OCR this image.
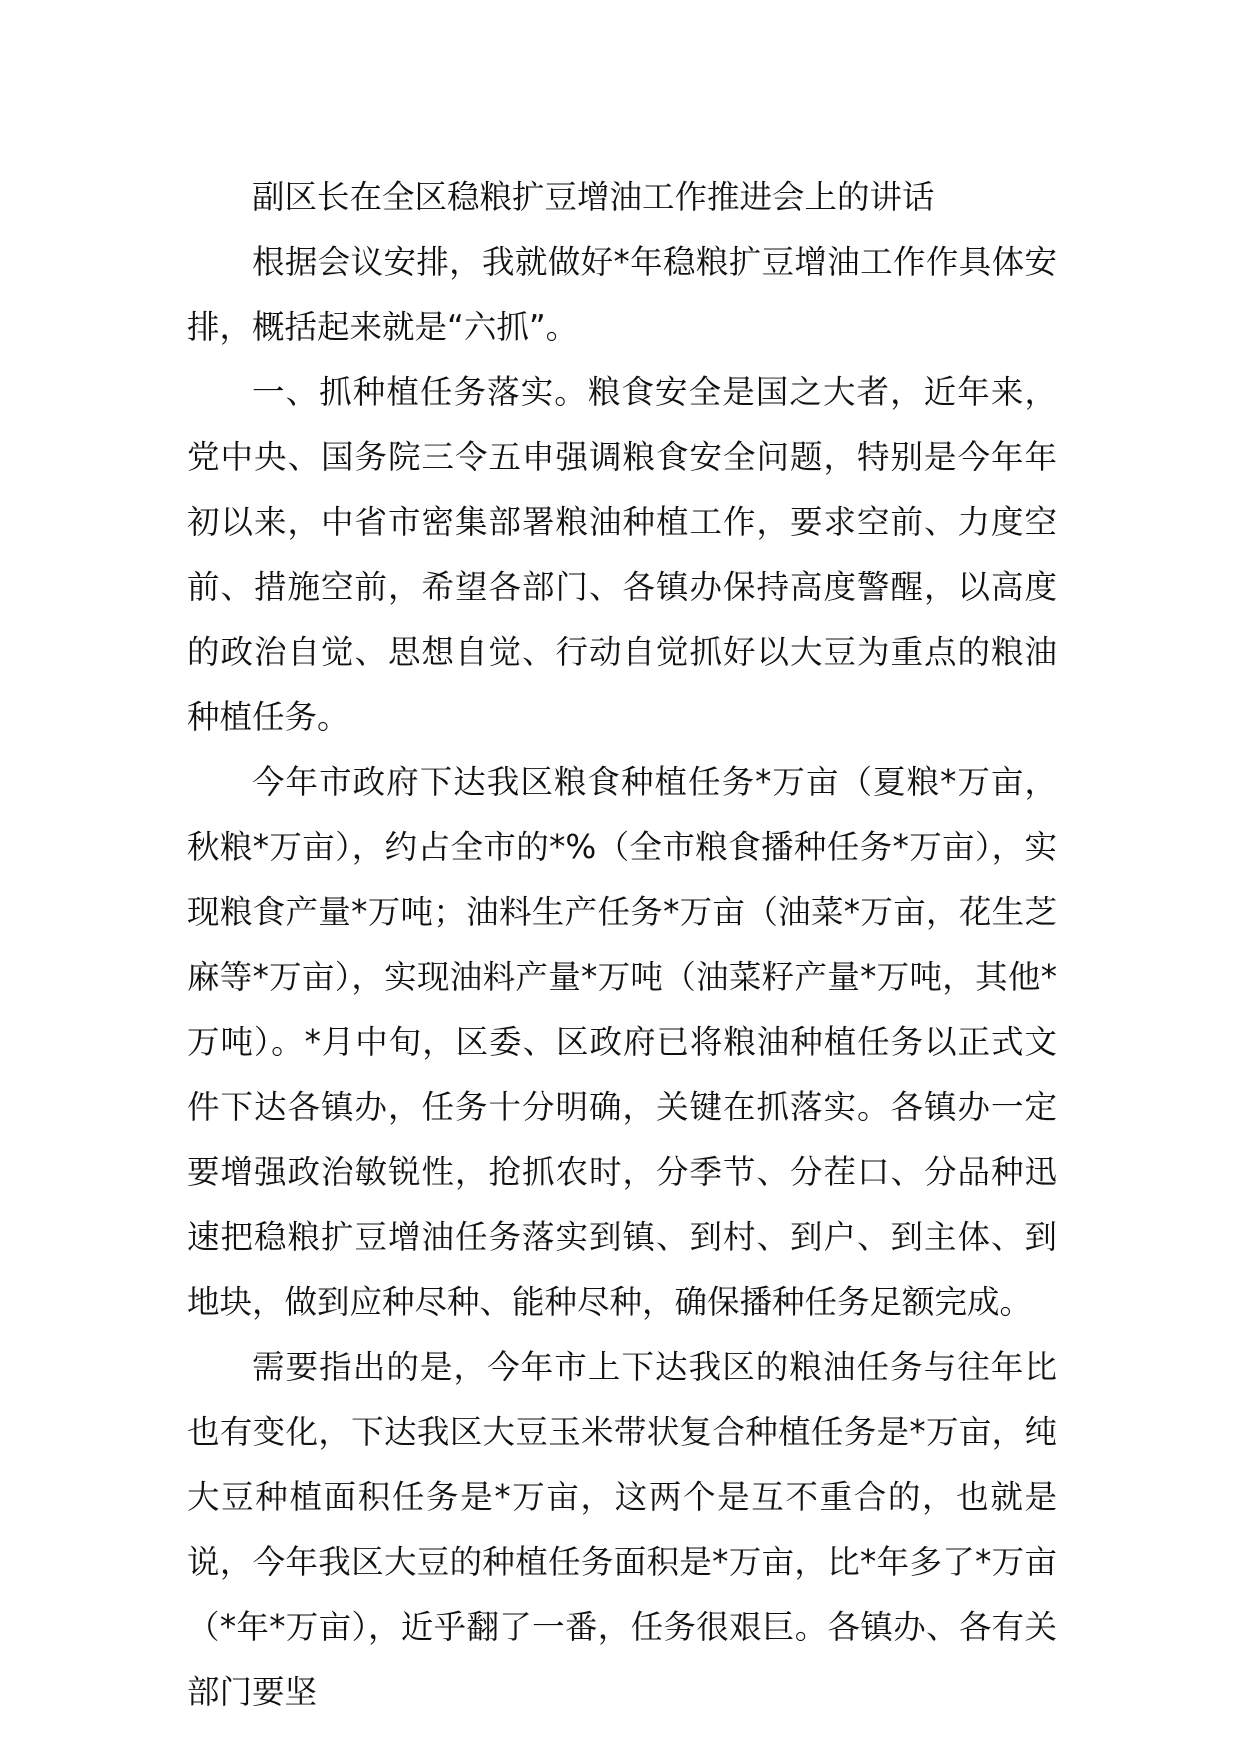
副区长在全区稳粮扩豆增油工作推进会上的讲话

根据会议安排，我就做好*年稳粮扩豆增油工作作具体安排，概括起来就是“六抓”。

一、抓种植任务落实。粮食安全是国之大者，近年来，党中央、国务院三令五申强调粮食安全问题，特别是今年年初以来，中省市密集部署粮油种植工作，要求空前、力度空前、措施空前，希望各部门、各镇办保持高度警醒，以高度的政治自觉、思想自觉、行动自觉抓好以大豆为重点的粮油种植任务。

今年市政府下达我区粮食种植任务*万亩（夏粮*万亩，秋粮*万亩），约占全市的*%（全市粮食播种任务*万亩），实现粮食产量*万吨；油料生产任务*万亩（油菜*万亩，花生芝麻等*万亩），实现油料产量*万吨（油菜籽产量*万吨，其他*万吨）。*月中旬，区委、区政府已将粮油种植任务以正式文件下达各镇办，任务十分明确，关键在抓落实。各镇办一定要增强政治敏锐性，抢抓农时，分季节、分茬口、分品种迅速把稳粮扩豆增油任务落实到镇、到村、到户、到主体、到地块，做到应种尽种、能种尽种，确保播种任务足额完成。

需要指出的是，今年市上下达我区的粮油任务与往年比也有变化，下达我区大豆玉米带状复合种植任务是*万亩，纯大豆种植面积任务是*万亩，这两个是互不重合的，也就是说，今年我区大豆的种植任务面积是*万亩，比*年多了*万亩（*年*万亩），近乎翻了一番，任务很艰巨。各镇办、各有关部门要坚
